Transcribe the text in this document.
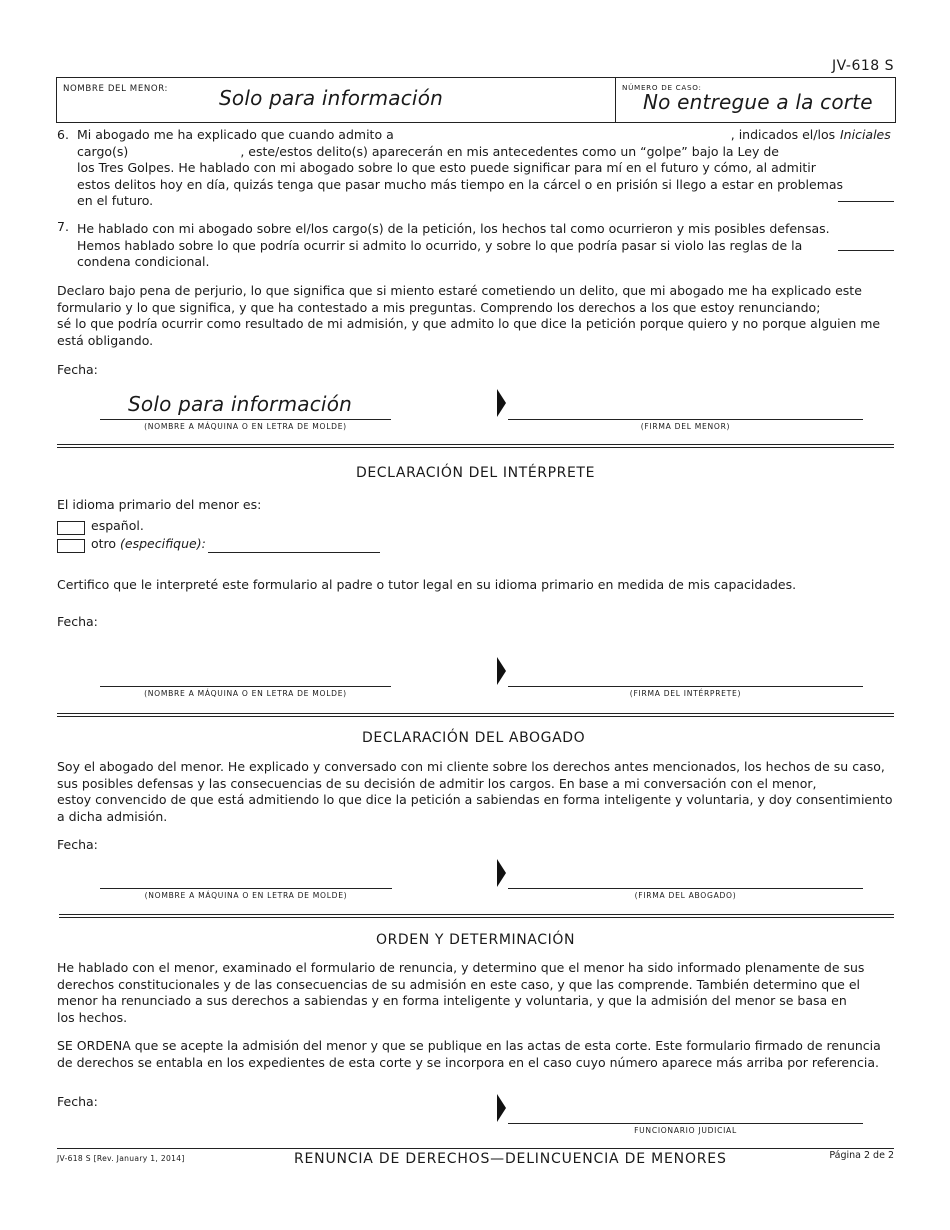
JV-618 S
NOMBRE DEL MENOR:	Solo para información	NÚMERO DE CASO:
No entregue a la corte
Iniciales
6. Mi abogado me ha explicado que cuando admito a	, indicados el/los

cargo(s)	, este/estos delito(s) aparecerán en mis antecedentes como un “golpe” bajo la Ley de

los Tres Golpes. He hablado con mi abogado sobre lo que esto puede significar para mí en el futuro y cómo, al admitir

estos delitos hoy en día, quizás tenga que pasar mucho más tiempo en la cárcel o en prisión si llego a estar en problemas

en el futuro.

7. He hablado con mi abogado sobre el/los cargo(s) de la petición, los hechos tal como ocurrieron y mis posibles defensas.

Hemos hablado sobre lo que podría ocurrir si admito lo ocurrido, y sobre lo que podría pasar si violo las reglas de la

condena condicional.

Declaro bajo pena de perjurio, lo que significa que si miento estaré cometiendo un delito, que mi abogado me ha explicado este

formulario y lo que significa, y que ha contestado a mis preguntas. Comprendo los derechos a los que estoy renunciando;

sé lo que podría ocurrir como resultado de mi admisión, y que admito lo que dice la petición porque quiero y no porque alguien me

está obligando.

Fecha:
Solo para información
(NOMBRE A MÁQUINA O EN LETRA DE MOLDE)	(FIRMA DEL MENOR)
DECLARACIÓN DEL INTÉRPRETE
El idioma primario del menor es:
español.
otro (especifique):
Certifico que le interpreté este formulario al padre o tutor legal en su idioma primario en medida de mis capacidades.
Fecha:
(NOMBRE A MÁQUINA O EN LETRA DE MOLDE)	(FIRMA DEL INTÉRPRETE)
DECLARACIÓN DEL ABOGADO

Soy el abogado del menor. He explicado y conversado con mi cliente sobre los derechos antes mencionados, los hechos de su caso,

sus posibles defensas y las consecuencias de su decisión de admitir los cargos. En base a mi conversación con el menor,

estoy convencido de que está admitiendo lo que dice la petición a sabiendas en forma inteligente y voluntaria, y doy consentimiento

a dicha admisión.

Fecha:
(NOMBRE A MÁQUINA O EN LETRA DE MOLDE)	(FIRMA DEL ABOGADO)
ORDEN Y DETERMINACIÓN

He hablado con el menor, examinado el formulario de renuncia, y determino que el menor ha sido informado plenamente de sus

derechos constitucionales y de las consecuencias de su admisión en este caso, y que las comprende. También determino que el

menor ha renunciado a sus derechos a sabiendas y en forma inteligente y voluntaria, y que la admisión del menor se basa en

los hechos.

SE ORDENA que se acepte la admisión del menor y que se publique en las actas de esta corte. Este formulario firmado de renuncia

de derechos se entabla en los expedientes de esta corte y se incorpora en el caso cuyo número aparece más arriba por referencia.

Fecha:
FUNCIONARIO JUDICIAL
JV-618 S [Rev. January 1, 2014]	RENUNCIA DE DERECHOS—DELINCUENCIA DE MENORES	Página 2 de 2
